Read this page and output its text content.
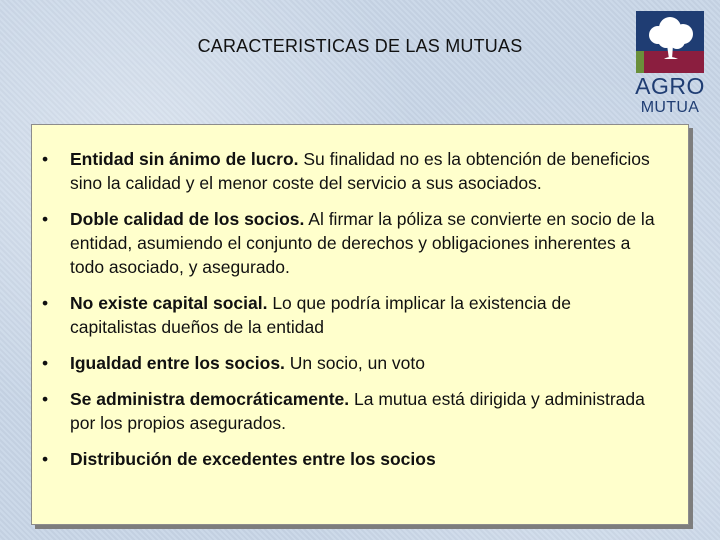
CARACTERISTICAS DE LAS MUTUAS
AGRO
MUTUA
• Entidad sin ánimo de lucro. Su finalidad no es la obtención de beneficios sino la calidad y el menor coste del servicio a sus asociados.
• Doble calidad de los socios. Al firmar la póliza se convierte en socio de la entidad, asumiendo el conjunto de derechos y obligaciones inherentes a todo asociado, y asegurado.
• No existe capital social. Lo que podría implicar la existencia de capitalistas dueños de la entidad
• Igualdad entre los socios. Un socio, un voto
• Se administra democráticamente. La mutua está dirigida y administrada por los propios asegurados.
• Distribución de excedentes entre los socios
